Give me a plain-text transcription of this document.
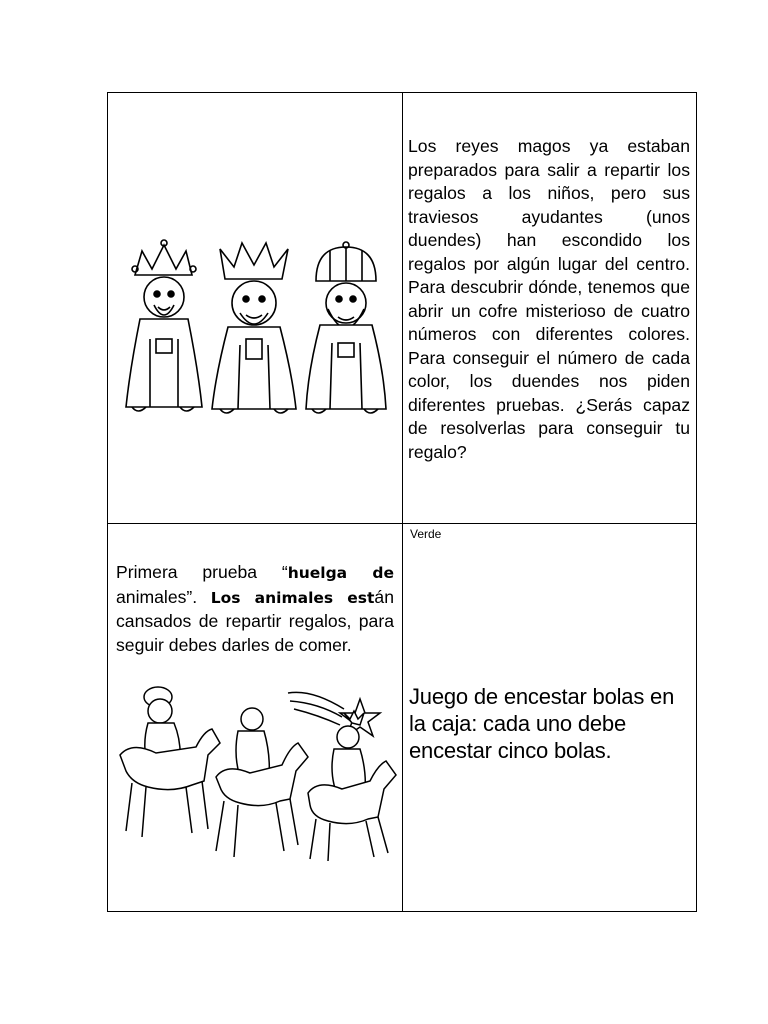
Los reyes magos ya estaban preparados para salir a repartir los regalos a los niños, pero sus traviesos ayudantes (unos duendes) han escondido los regalos por algún lugar del centro. Para descubrir dónde, tenemos que abrir un cofre misterioso de cuatro números con diferentes colores. Para conseguir el número de cada color, los duendes nos piden diferentes pruebas. ¿Serás capaz de resolverlas para conseguir tu regalo?
Primera prueba “huelga de animales”. Los animales están cansados de repartir regalos, para seguir debes darles de comer.
Verde
Juego de encestar bolas en la caja: cada uno debe encestar cinco bolas.
